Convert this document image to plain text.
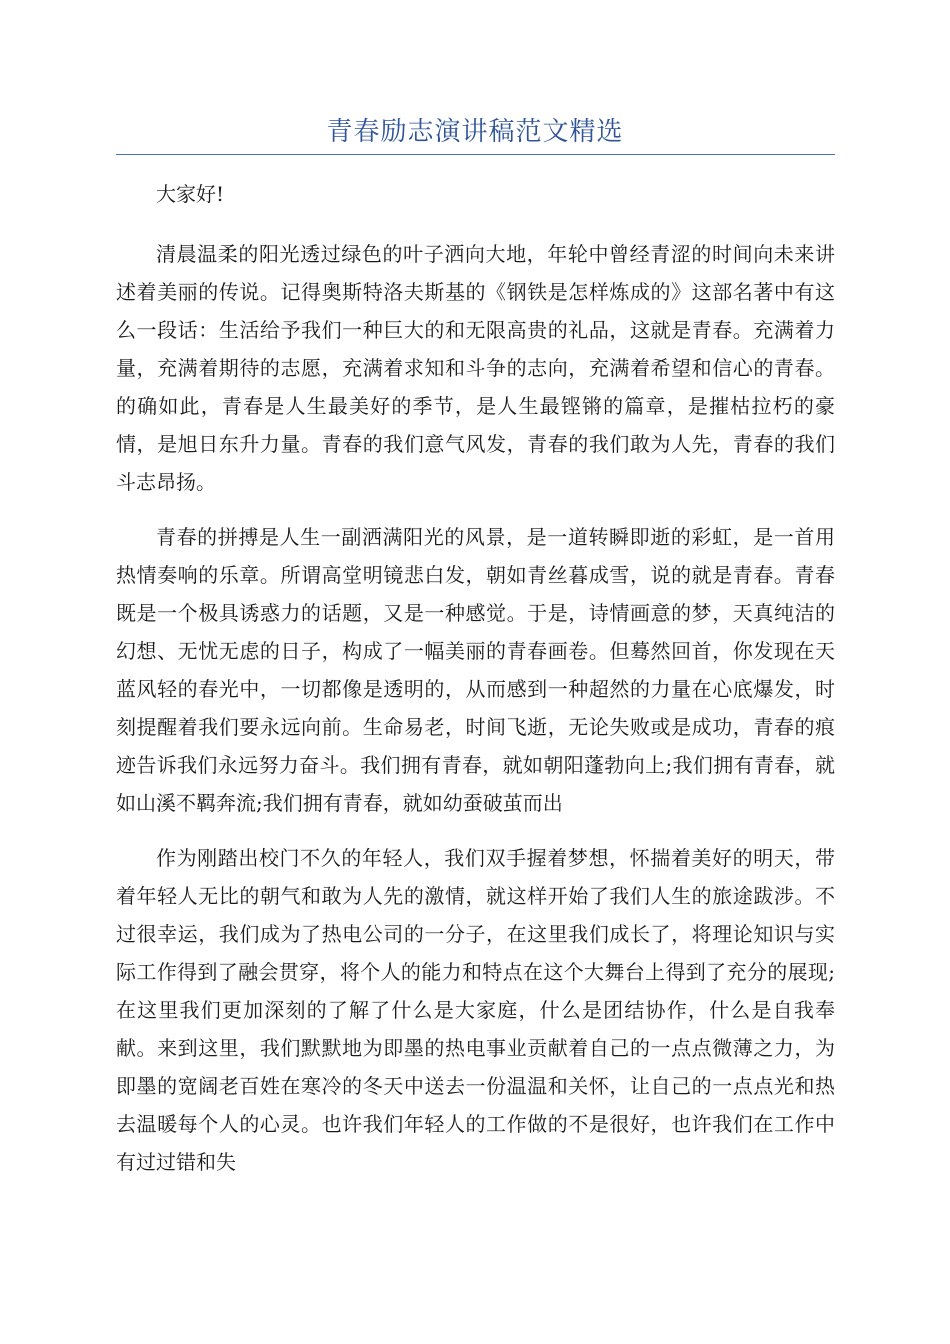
青春励志演讲稿范文精选

大家好!

清晨温柔的阳光透过绿色的叶子洒向大地，年轮中曾经青涩的时间向未来讲述着美丽的传说。记得奥斯特洛夫斯基的《钢铁是怎样炼成的》这部名著中有这么一段话：生活给予我们一种巨大的和无限高贵的礼品，这就是青春。充满着力量，充满着期待的志愿，充满着求知和斗争的志向，充满着希望和信心的青春。的确如此，青春是人生最美好的季节，是人生最铿锵的篇章，是摧枯拉朽的豪情，是旭日东升力量。青春的我们意气风发，青春的我们敢为人先，青春的我们斗志昂扬。

青春的拼搏是人生一副洒满阳光的风景，是一道转瞬即逝的彩虹，是一首用热情奏响的乐章。所谓高堂明镜悲白发，朝如青丝暮成雪，说的就是青春。青春既是一个极具诱惑力的话题，又是一种感觉。于是，诗情画意的梦，天真纯洁的幻想、无忧无虑的日子，构成了一幅美丽的青春画卷。但蓦然回首，你发现在天蓝风轻的春光中，一切都像是透明的，从而感到一种超然的力量在心底爆发，时刻提醒着我们要永远向前。生命易老，时间飞逝，无论失败或是成功，青春的痕迹告诉我们永远努力奋斗。我们拥有青春，就如朝阳蓬勃向上;我们拥有青春，就如山溪不羁奔流;我们拥有青春，就如幼蚕破茧而出

作为刚踏出校门不久的年轻人，我们双手握着梦想，怀揣着美好的明天，带着年轻人无比的朝气和敢为人先的激情，就这样开始了我们人生的旅途跋涉。不过很幸运，我们成为了热电公司的一分子，在这里我们成长了，将理论知识与实际工作得到了融会贯穿，将个人的能力和特点在这个大舞台上得到了充分的展现;在这里我们更加深刻的了解了什么是大家庭，什么是团结协作，什么是自我奉献。来到这里，我们默默地为即墨的热电事业贡献着自己的一点点微薄之力，为即墨的宽阔老百姓在寒冷的冬天中送去一份温温和关怀，让自己的一点点光和热去温暖每个人的心灵。也许我们年轻人的工作做的不是很好，也许我们在工作中有过过错和失
